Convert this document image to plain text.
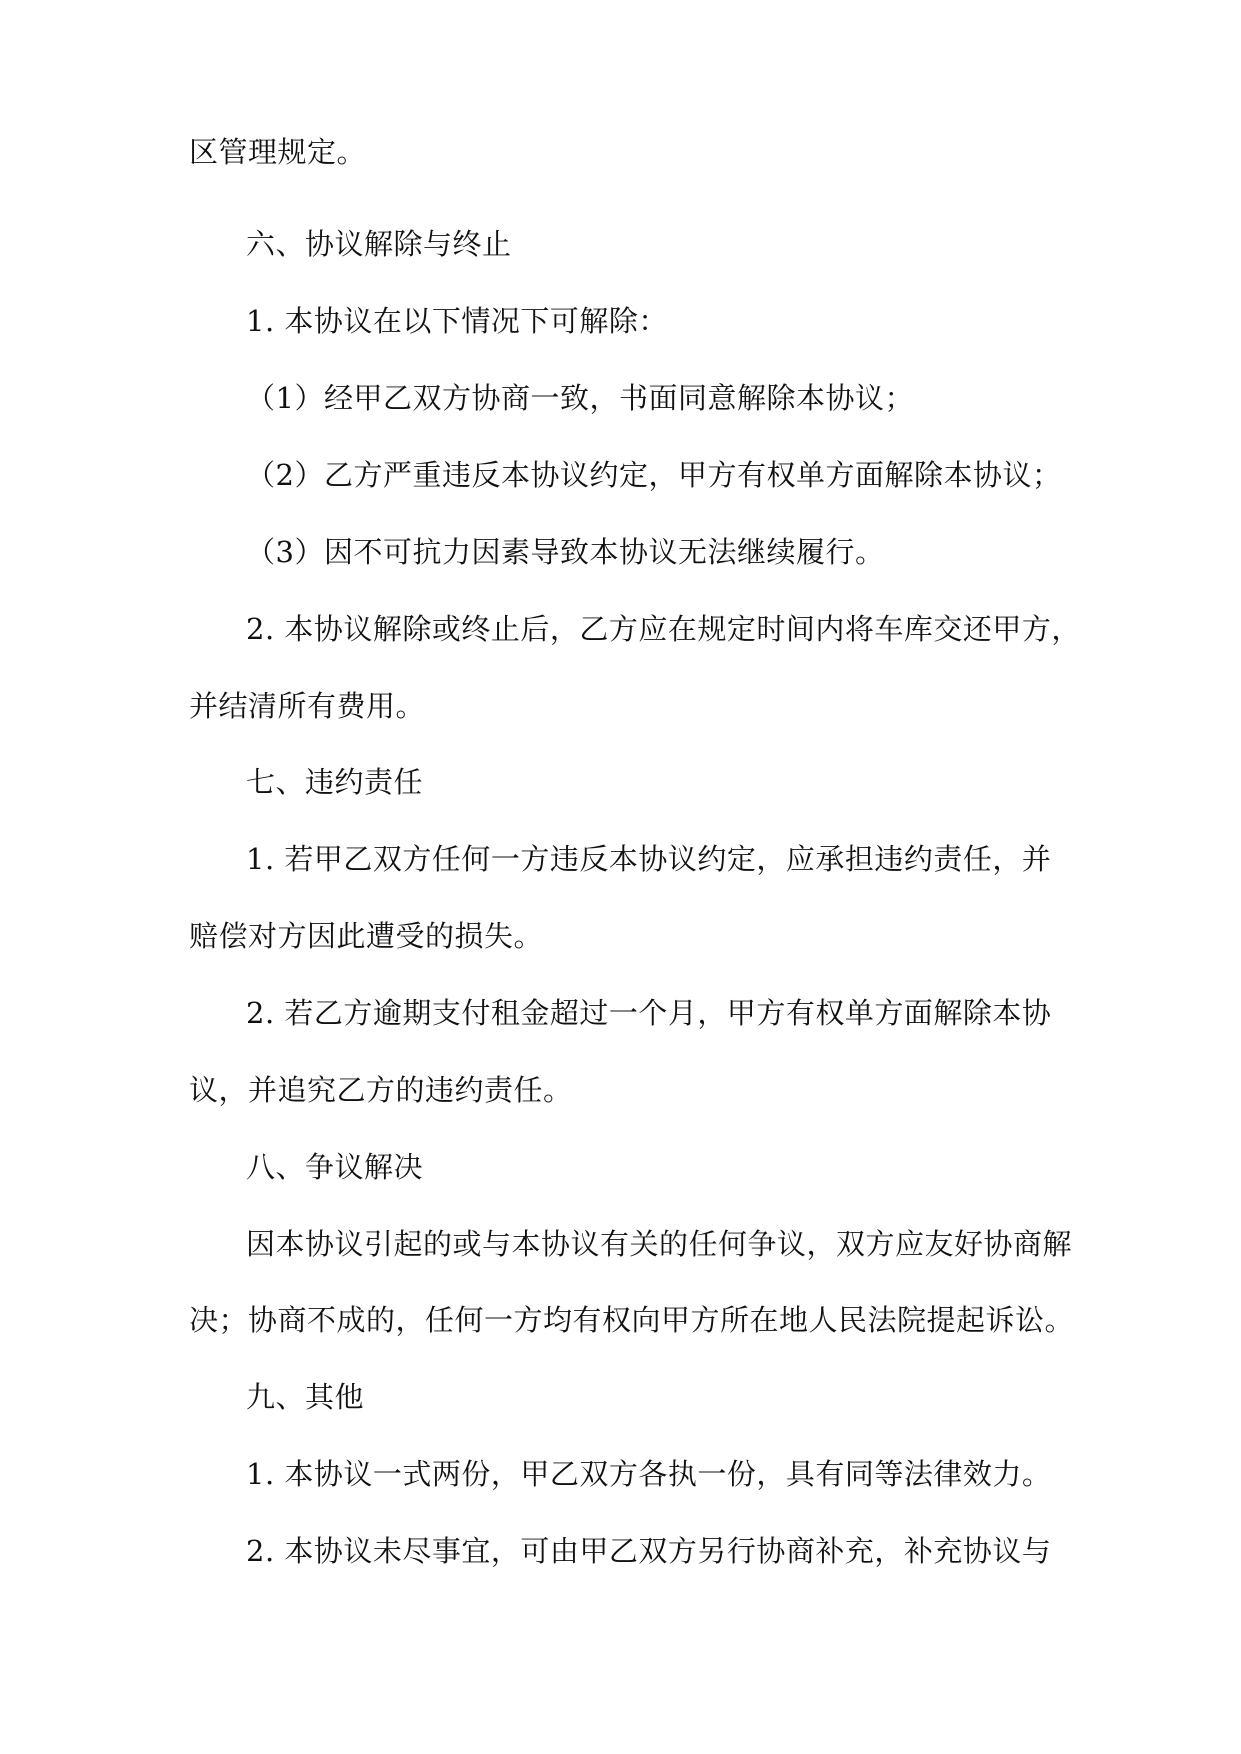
区管理规定。
六、协议解除与终止
1. 本协议在以下情况下可解除：
（1）经甲乙双方协商一致，书面同意解除本协议；
（2）乙方严重违反本协议约定，甲方有权单方面解除本协议；
（3）因不可抗力因素导致本协议无法继续履行。
2. 本协议解除或终止后，乙方应在规定时间内将车库交还甲方，
并结清所有费用。
七、违约责任
1. 若甲乙双方任何一方违反本协议约定，应承担违约责任，并
赔偿对方因此遭受的损失。
2. 若乙方逾期支付租金超过一个月，甲方有权单方面解除本协
议，并追究乙方的违约责任。
八、争议解决
因本协议引起的或与本协议有关的任何争议，双方应友好协商解
决；协商不成的，任何一方均有权向甲方所在地人民法院提起诉讼。
九、其他
1. 本协议一式两份，甲乙双方各执一份，具有同等法律效力。
2. 本协议未尽事宜，可由甲乙双方另行协商补充，补充协议与
